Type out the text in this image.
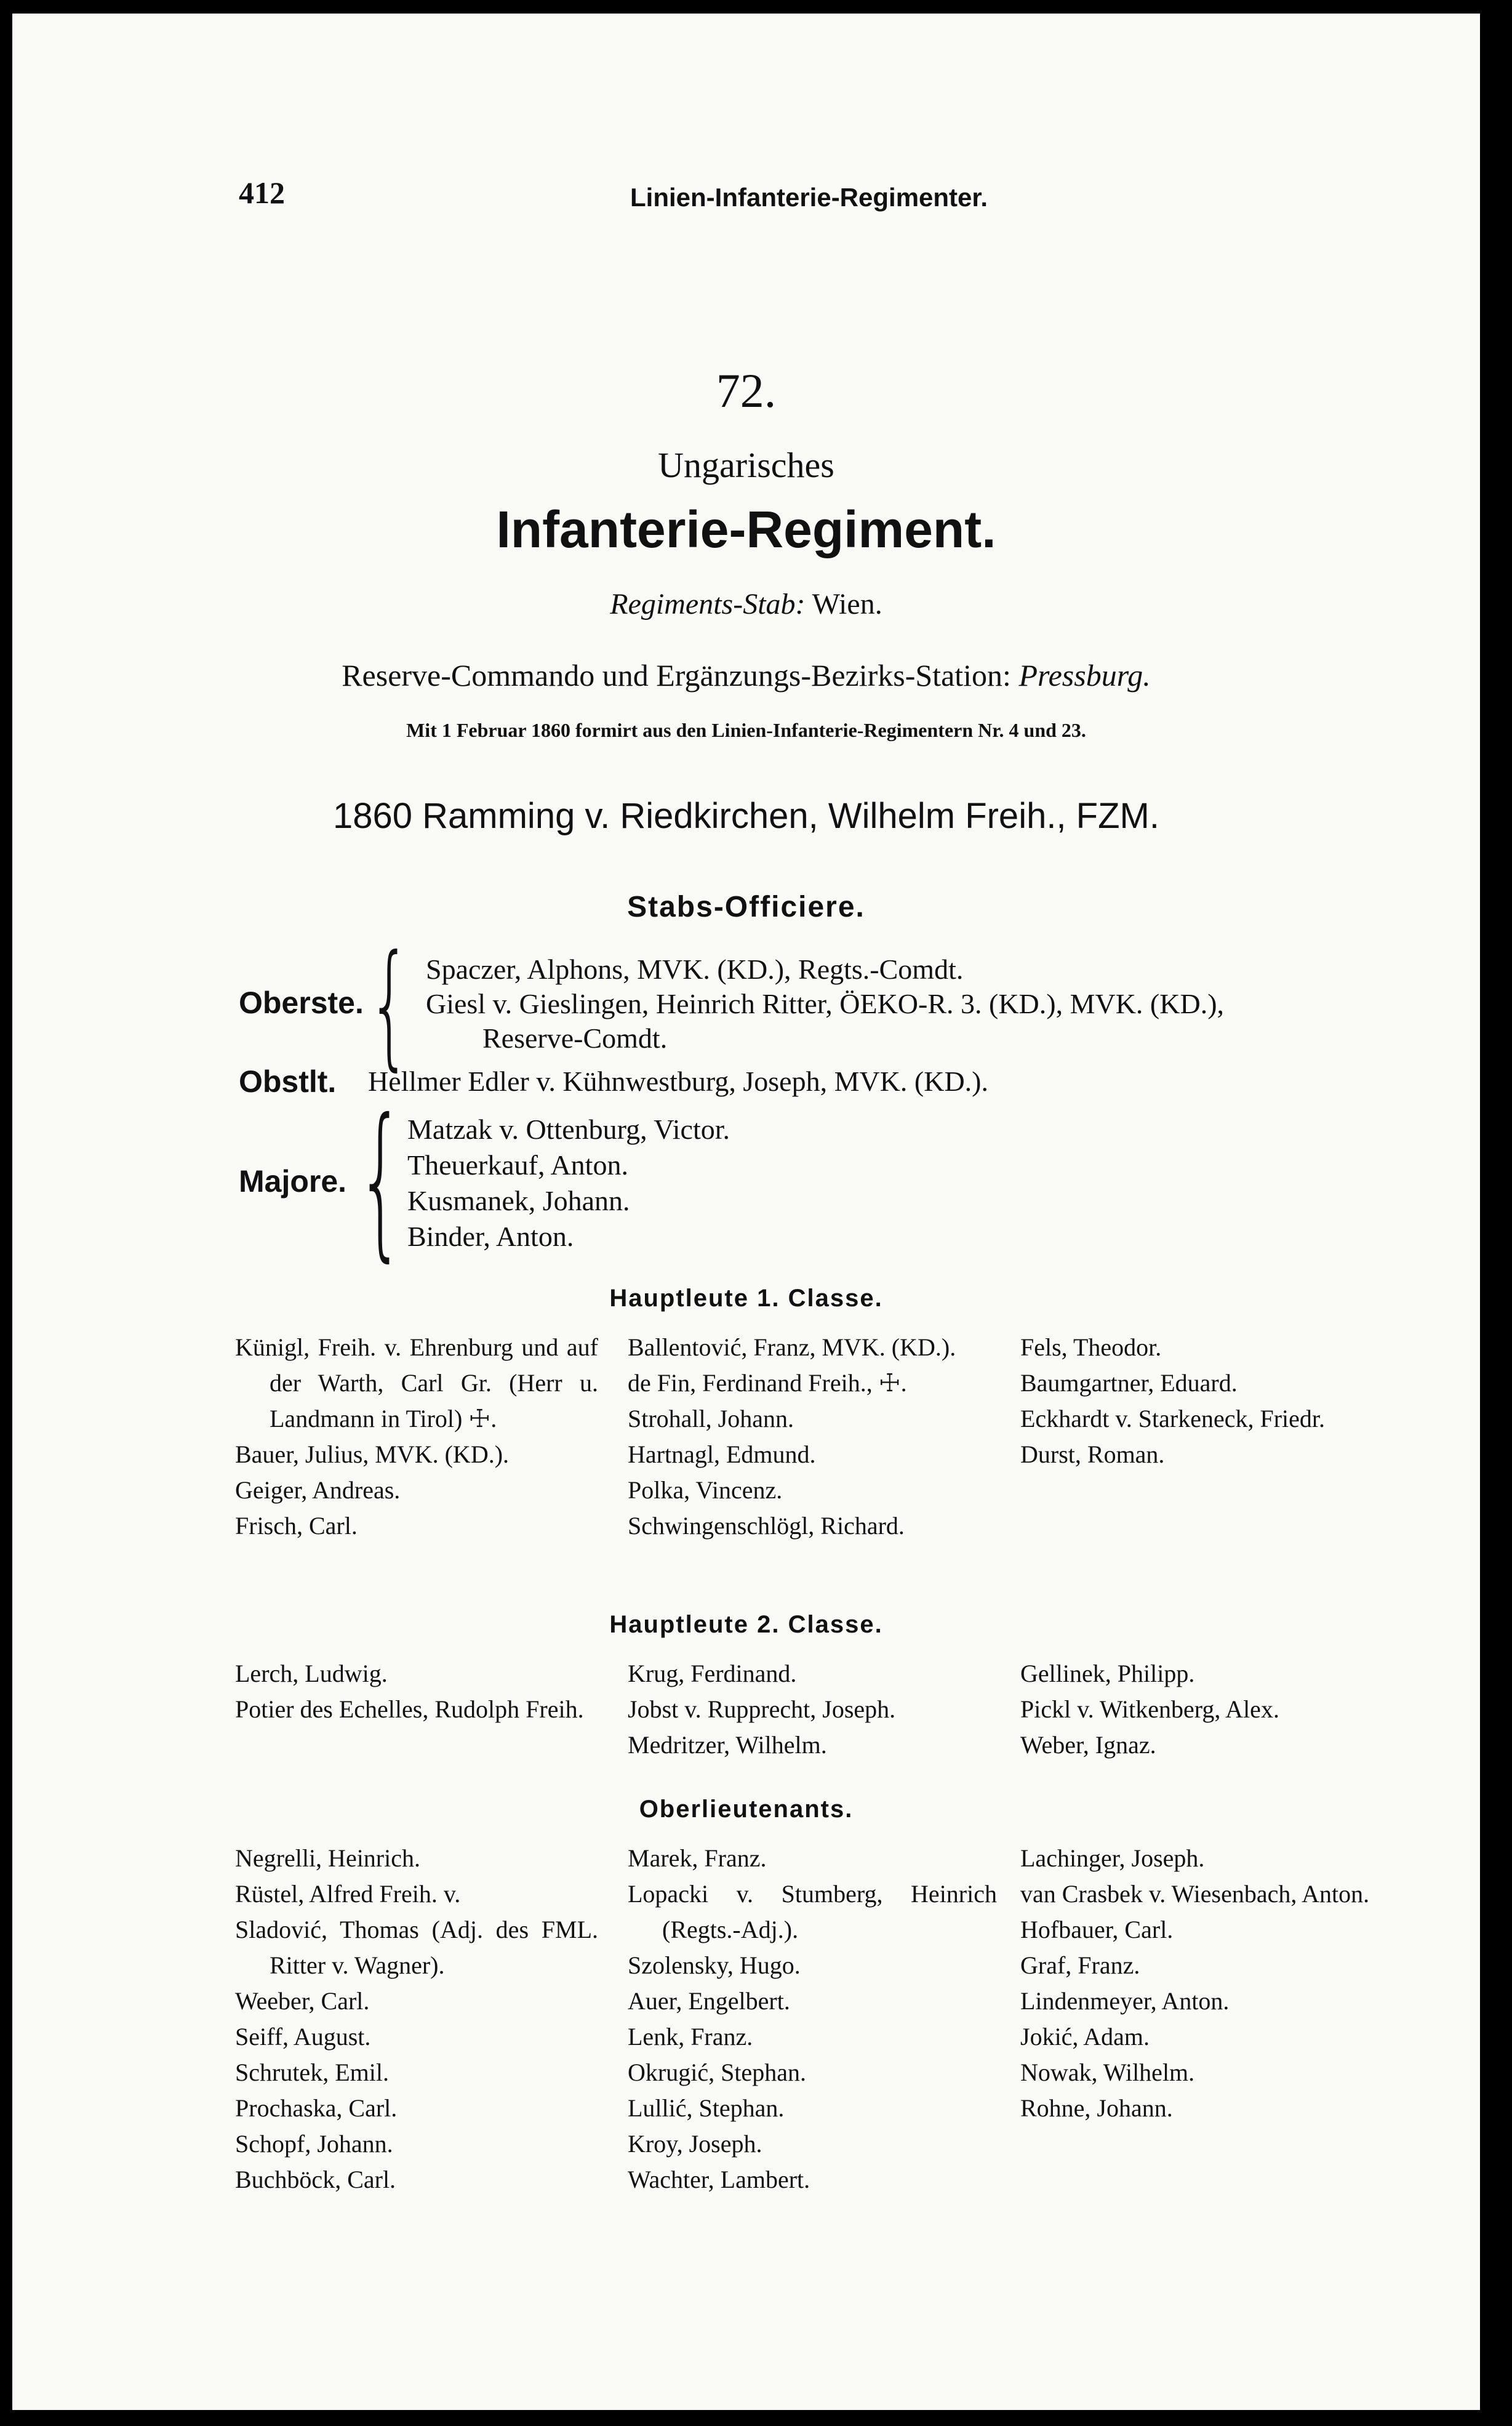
412	Linien-Infanterie-Regimenter.
72.
Ungarisches
Infanterie-Regiment.
Regiments-Stab: Wien.
Reserve-Commando und Ergänzungs-Bezirks-Station: Pressburg.
Mit 1 Februar 1860 formirt aus den Linien-Infanterie-Regimentern Nr. 4 und 23.
1860 Ramming v. Riedkirchen, Wilhelm Freih., FZM.
Stabs-Officiere.
Oberste. { Spaczer, Alphons, MVK. (KD.), Regts.-Comdt.
Giesl v. Gieslingen, Heinrich Ritter, ÖEKO-R. 3. (KD.), MVK. (KD.),
Reserve-Comdt.
Obstlt. Hellmer Edler v. Kühnwestburg, Joseph, MVK. (KD.).
Majore. { Matzak v. Ottenburg, Victor.
Theuerkauf, Anton.
Kusmanek, Johann.
Binder, Anton.
Hauptleute 1. Classe.
Künigl, Freih. v. Ehrenburg und auf der Warth, Carl Gr. (Herr u. Landmann in Tirol) ☩.
Bauer, Julius, MVK. (KD.).
Geiger, Andreas.
Frisch, Carl.
Ballentović, Franz, MVK. (KD.).
de Fin, Ferdinand Freih., ☩.
Strohall, Johann.
Hartnagl, Edmund.
Polka, Vincenz.
Schwingenschlögl, Richard.
Fels, Theodor.
Baumgartner, Eduard.
Eckhardt v. Starkeneck, Friedr.
Durst, Roman.
Hauptleute 2. Classe.
Lerch, Ludwig.
Potier des Echelles, Rudolph Freih.
Krug, Ferdinand.
Jobst v. Rupprecht, Joseph.
Medritzer, Wilhelm.
Gellinek, Philipp.
Pickl v. Witkenberg, Alex.
Weber, Ignaz.
Oberlieutenants.
Negrelli, Heinrich.
Rüstel, Alfred Freih. v.
Sladović, Thomas (Adj. des FML. Ritter v. Wagner).
Weeber, Carl.
Seiff, August.
Schrutek, Emil.
Prochaska, Carl.
Schopf, Johann.
Buchböck, Carl.
Marek, Franz.
Lopacki v. Stumberg, Heinrich (Regts.-Adj.).
Szolensky, Hugo.
Auer, Engelbert.
Lenk, Franz.
Okrugić, Stephan.
Lullić, Stephan.
Kroy, Joseph.
Wachter, Lambert.
Lachinger, Joseph.
van Crasbek v. Wiesenbach, Anton.
Hofbauer, Carl.
Graf, Franz.
Lindenmeyer, Anton.
Jokić, Adam.
Nowak, Wilhelm.
Rohne, Johann.
